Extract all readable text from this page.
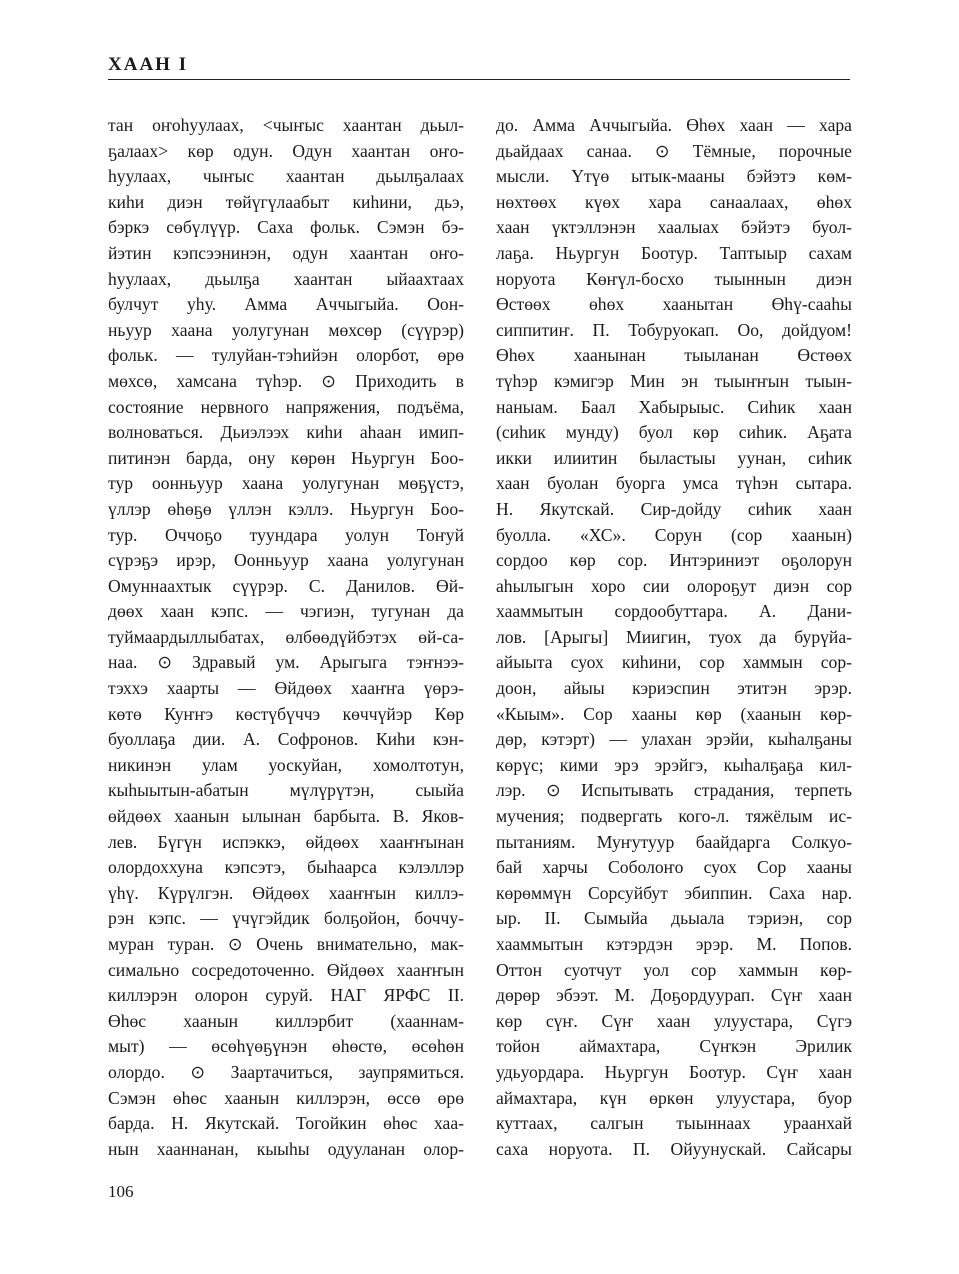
ХААН I
тан оҥоһуулаах, <чыҥыс хаантан дьыл-
ҕалаах> көр одун. Одун хаантан оҥо-
һуулаах, чыҥыс хаантан дьылҕалаах
киһи диэн төйүгүлаабыт киһини, дьэ,
бэркэ сөбүлүүр. Саха фольк. Сэмэн бэ-
йэтин кэпсээнинэн, одун хаантан оҥо-
һуулаах, дьылҕа хаантан ыйаахтаах
булчут уһу. Амма Аччыгыйа. Оон-
ньуур хаана уолугунан мөхсөр (сүүрэр)
фольк. — тулуйан-тэһийэн олорбот, өрө
мөхсө, хамсана түһэр. ⊙ Приходить в
состояние нервного напряжения, подъёма,
волноваться. Дьиэлээх киһи аһаан имип-
питинэн барда, ону көрөн Ньургун Боо-
тур оонньуур хаана уолугунан мөҕүстэ,
үллэр өһөҕө үллэн кэллэ. Ньургун Боо-
тур. Оччоҕо туундара уолун Тоҥуй
сүрэҕэ ирэр, Оонньуур хаана уолугунан
Омуннаахтык сүүрэр. С. Данилов. Өй-
дөөх хаан кэпс. — чэгиэн, тугунан да
туймаардыллыбатах, өлбөөдүйбэтэх өй-са-
наа. ⊙ Здравый ум. Арыгыга тэҥнээ-
тэххэ хаарты — Өйдөөх хааҥҥа үөрэ-
көтө Куҥҥэ көстүбүччэ көччүйэр Көр
буоллаҕа дии. А. Софронов. Киһи кэн-
никинэн улам уоскуйан, хомолтотун,
кыһыытын-абатын мүлүрүтэн, сыыйа
өйдөөх хаанын ылынан барбыта. В. Яков-
лев. Бүгүн испэккэ, өйдөөх хааҥҥынан
олордоххуна кэпсэтэ, быһаарса кэлэллэр
үһү. Күрүлгэн. Өйдөөх хааҥҥын киллэ-
рэн кэпс. — үчүгэйдик болҕойон, боччу-
муран туран. ⊙ Очень внимательно, мак-
симально сосредоточенно. Өйдөөх хааҥҥын
киллэрэн олорон суруй. НАГ ЯРФС II.
Өһөс хаанын киллэрбит (хааннам-
мыт) — өсөһүөҕүнэн өһөстө, өсөһөн
олордо. ⊙ Заартачиться, заупрямиться.
Сэмэн өһөс хаанын киллэрэн, өссө өрө
барда. Н. Якутскай. Тогойкин өһөс хаа-
нын хааннанан, кыыһы одууланан олор-
до. Амма Аччыгыйа. Өһөх хаан — хара
дьайдаах санаа. ⊙ Тёмные, порочные
мысли. Үтүө ытык-мааны бэйэтэ көм-
нөхтөөх күөх хара санаалаах, өһөх
хаан үктэллэнэн хаалыах бэйэтэ буол-
лаҕа. Ньургун Боотур. Таптыыр сахам
норуота Көҥүл-босхо тыыннын диэн
Өстөөх өһөх хаанытан Өһү-сааһы
сиппитиҥ. П. Тобуруокап. Оо, дойдуом!
Өһөх хаанынан тыыланан Өстөөх
түһэр кэмигэр Мин эн тыыҥҥын тыын-
наныам. Баал Хабырыыс. Сиһик хаан
(сиһик мунду) буол көр сиһик. Аҕата
икки илиитин быластыы уунан, сиһик
хаан буолан буорга умса түһэн сытара.
Н. Якутскай. Сир-дойду сиһик хаан
буолла. «ХС». Сорун (сор хаанын)
сордоо көр сор. Интэриниэт оҕолорун
аһылыгын хоро сии олороҕут диэн сор
хааммытын сордообуттара. А. Дани-
лов. [Арыгы] Миигин, туох да бурүйа-
айыыта суох киһини, сор хаммын сор-
доон, айыы кэриэспин этитэн эрэр.
«Кыым». Сор хааны көр (хаанын көр-
дөр, кэтэрт) — улахан эрэйи, кыһалҕаны
көрүс; кими эрэ эрэйгэ, кыһалҕаҕа кил-
лэр. ⊙ Испытывать страдания, терпеть
мучения; подвергать кого-л. тяжёлым ис-
пытаниям. Муҥутуур баайдарга Солкуо-
бай харчы Соболоҥо суох Сор хааны
көрөммүн Сорсуйбут эбиппин. Саха нар.
ыр. II. Сымыйа дьыала тэриэн, сор
хааммытын кэтэрдэн эрэр. М. Попов.
Оттон суотчут уол сор хаммын көр-
дөрөр эбээт. М. Доҕордуурап. Сүҥ хаан
көр сүҥ. Сүҥ хаан улуустара, Сүгэ
тойон аймахтара, Сүҥкэн Эрилик
удьуордара. Ньургун Боотур. Сүҥ хаан
аймахтара, күн өркөн улуустара, буор
куттаах, салгын тыыннаах ураанхай
саха норуота. П. Ойуунускай. Сайсары
106
